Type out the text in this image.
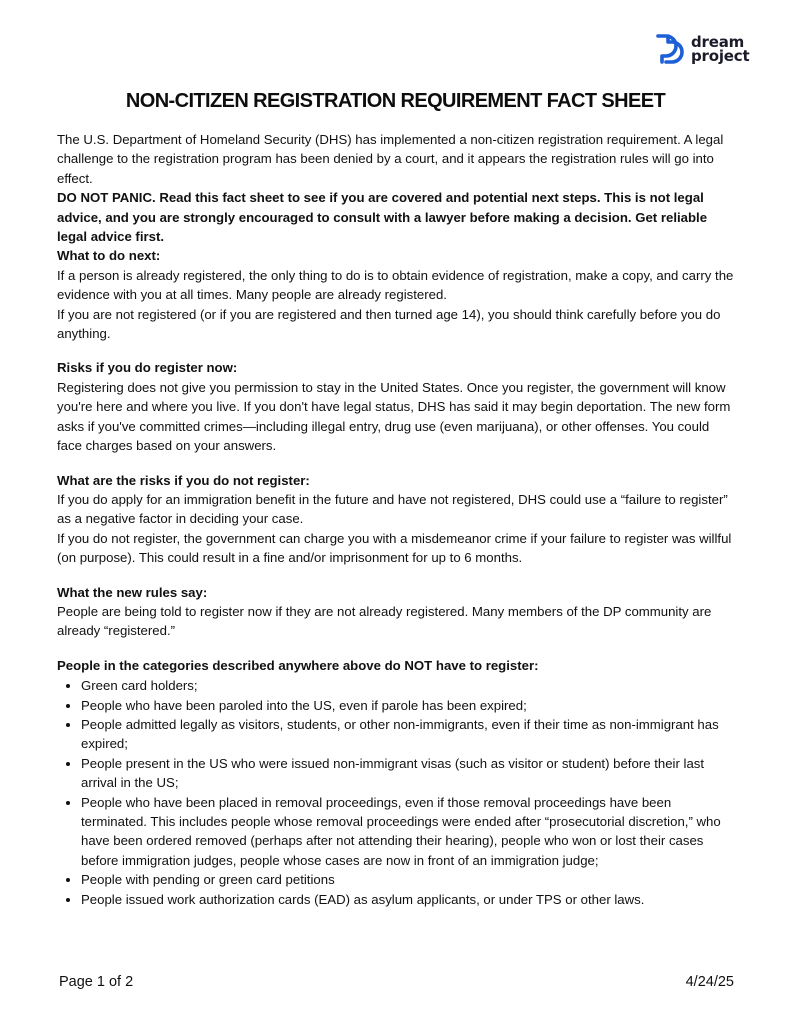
dream
project
NON-CITIZEN REGISTRATION REQUIREMENT FACT SHEET

The U.S. Department of Homeland Security (DHS) has implemented a non-citizen registration requirement. A legal challenge to the registration program has been denied by a court, and it appears the registration rules will go into effect.

DO NOT PANIC. Read this fact sheet to see if you are covered and potential next steps. This is not legal advice, and you are strongly encouraged to consult with a lawyer before making a decision. Get reliable legal advice first.

What to do next:

If a person is already registered, the only thing to do is to obtain evidence of registration, make a copy, and carry the evidence with you at all times. Many people are already registered.

If you are not registered (or if you are registered and then turned age 14), you should think carefully before you do anything.

Risks if you do register now:

Registering does not give you permission to stay in the United States. Once you register, the government will know you're here and where you live. If you don't have legal status, DHS has said it may begin deportation. The new form asks if you've committed crimes—including illegal entry, drug use (even marijuana), or other offenses. You could face charges based on your answers.

What are the risks if you do not register:

If you do apply for an immigration benefit in the future and have not registered, DHS could use a “failure to register” as a negative factor in deciding your case.

If you do not register, the government can charge you with a misdemeanor crime if your failure to register was willful (on purpose). This could result in a fine and/or imprisonment for up to 6 months.

What the new rules say:

People are being told to register now if they are not already registered. Many members of the DP community are already “registered.”

People in the categories described anywhere above do NOT have to register:

• Green card holders;
• People who have been paroled into the US, even if parole has been expired;
• People admitted legally as visitors, students, or other non-immigrants, even if their time as non-immigrant has expired;
• People present in the US who were issued non-immigrant visas (such as visitor or student) before their last arrival in the US;
• People who have been placed in removal proceedings, even if those removal proceedings have been terminated. This includes people whose removal proceedings were ended after “prosecutorial discretion,” who have been ordered removed (perhaps after not attending their hearing), people who won or lost their cases before immigration judges, people whose cases are now in front of an immigration judge;
• People with pending or green card petitions
• People issued work authorization cards (EAD) as asylum applicants, or under TPS or other laws.
Page 1 of 2	4/24/25
